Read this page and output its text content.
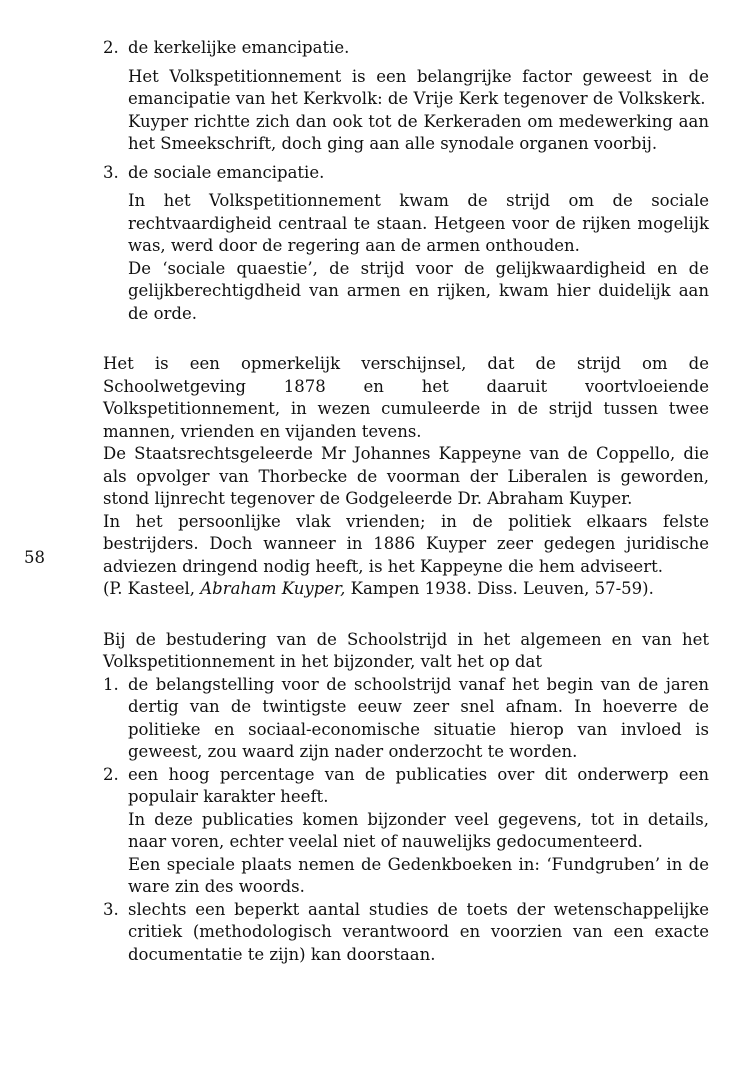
58
2. de kerkelijke emancipatie.
Het Volkspetitionnement is een belangrijke factor geweest in de emancipatie van het Kerkvolk: de Vrije Kerk tegenover de Volkskerk.
Kuyper richtte zich dan ook tot de Kerkeraden om medewerking aan het Smeekschrift, doch ging aan alle synodale organen voorbij.
3. de sociale emancipatie.
In het Volkspetitionnement kwam de strijd om de sociale rechtvaardigheid centraal te staan. Hetgeen voor de rijken mogelijk was, werd door de regering aan de armen onthouden.
De ‘sociale quaestie’, de strijd voor de gelijkwaardigheid en de gelijkberechtigdheid van armen en rijken, kwam hier duidelijk aan de orde.
Het is een opmerkelijk verschijnsel, dat de strijd om de Schoolwetgeving 1878 en het daaruit voortvloeiende Volkspetitionnement, in wezen cumuleerde in de strijd tussen twee mannen, vrienden en vijanden tevens.
De Staatsrechtsgeleerde Mr Johannes Kappeyne van de Coppello, die als opvolger van Thorbecke de voorman der Liberalen is geworden, stond lijnrecht tegenover de Godgeleerde Dr. Abraham Kuyper.
In het persoonlijke vlak vrienden; in de politiek elkaars felste bestrijders. Doch wanneer in 1886 Kuyper zeer gedegen juridische adviezen dringend nodig heeft, is het Kappeyne die hem adviseert.
(P. Kasteel, Abraham Kuyper, Kampen 1938. Diss. Leuven, 57-59).
Bij de bestudering van de Schoolstrijd in het algemeen en van het Volkspetitionnement in het bijzonder, valt het op dat
1. de belangstelling voor de schoolstrijd vanaf het begin van de jaren dertig van de twintigste eeuw zeer snel afnam. In hoeverre de politieke en sociaal-economische situatie hierop van invloed is geweest, zou waard zijn nader onderzocht te worden.
2. een hoog percentage van de publicaties over dit onderwerp een populair karakter heeft.
In deze publicaties komen bijzonder veel gegevens, tot in details, naar voren, echter veelal niet of nauwelijks gedocumenteerd.
Een speciale plaats nemen de Gedenkboeken in: ‘Fundgruben’ in de ware zin des woords.
3. slechts een beperkt aantal studies de toets der wetenschappelijke critiek (methodologisch verantwoord en voorzien van een exacte documentatie te zijn) kan doorstaan.
